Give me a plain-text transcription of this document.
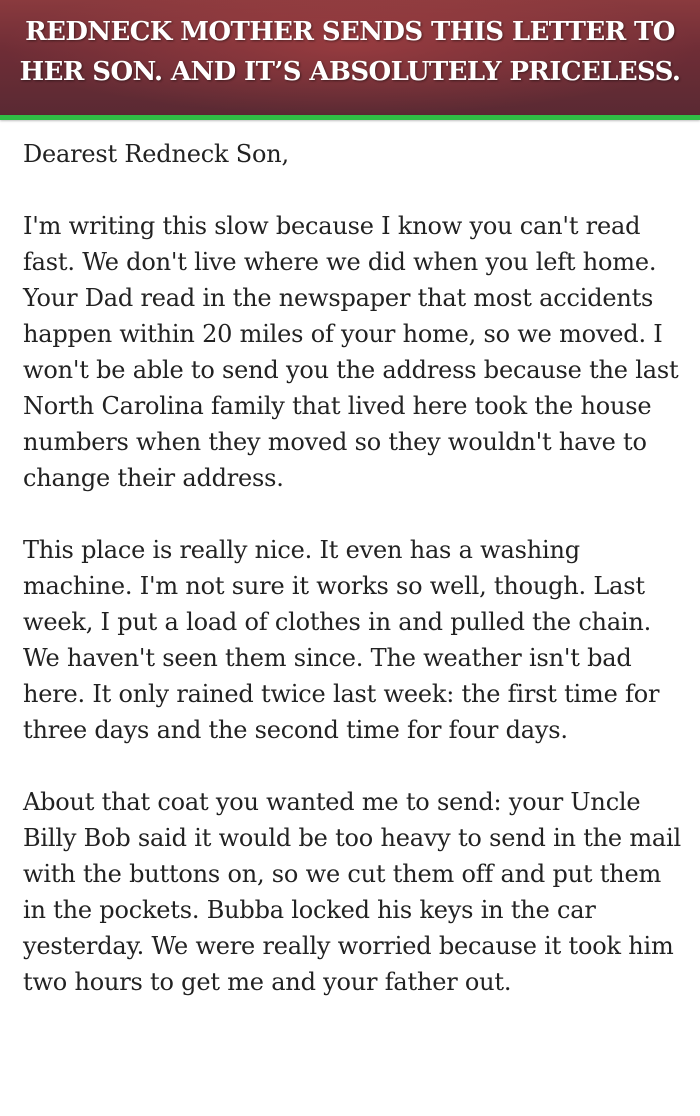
REDNECK MOTHER SENDS THIS LETTER TO
HER SON. AND IT’S ABSOLUTELY PRICELESS.

Dearest Redneck Son,

I'm writing this slow because I know you can't read fast. We don't live where we did when you left home. Your Dad read in the newspaper that most accidents happen within 20 miles of your home, so we moved. I won't be able to send you the address because the last North Carolina family that lived here took the house numbers when they moved so they wouldn't have to change their address.

This place is really nice. It even has a washing machine. I'm not sure it works so well, though. Last week, I put a load of clothes in and pulled the chain. We haven't seen them since. The weather isn't bad here. It only rained twice last week: the first time for three days and the second time for four days.

About that coat you wanted me to send: your Uncle Billy Bob said it would be too heavy to send in the mail with the buttons on, so we cut them off and put them in the pockets. Bubba locked his keys in the car yesterday. We were really worried because it took him two hours to get me and your father out.
